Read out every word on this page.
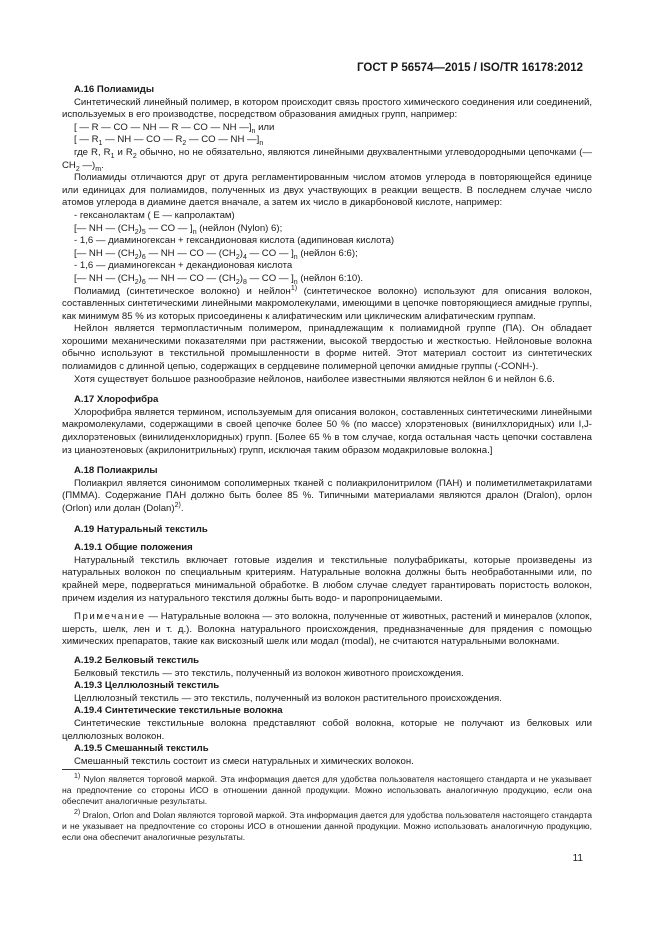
ГОСТ Р 56574—2015 / ISO/TR 16178:2012

А.16 Полиамиды

Синтетический линейный полимер, в котором происходит связь простого химического соединения или соединений, используемых в его производстве, посредством образования амидных групп, например:

[ — R — CO — NH — R — CO — NH $—]_n$ или

[ — $R_1$ — NH — CO — $R_2$ — CO — NH $—]_n$

где R, $R_1$ и $R_2$ обычно, но не обязательно, являются линейными двухвалентными углеводородными цепочками (— $CH_2$ $—)_m$.

Полиамиды отличаются друг от друга регламентированным числом атомов углерода в повторяющейся единице или единицах для полиамидов, полученных из двух участвующих в реакции веществ. В последнем случае число атомов углерода в диамине дается вначале, а затем их число в дикарбоновой кислоте, например:

- гексанолактам ( E — капролактам)

[— NH — $(CH_2)_5$ — CO — ]$_n$ (нейлон (Nylon) 6);

- 1,6 — диаминогексан + гександионовая кислота (адипиновая кислота)

[— NH — $(CH_2)_6$ — NH — CO — $(CH_2)_4$ — CO — ]$_n$ (нейлон 6:6);

- 1,6 — диаминогексан + декандионовая кислота

[— NH — $(CH_2)_6$ — NH — CO — $(CH_2)_8$ — CO — ]$_n$ (нейлон 6:10).

Полиамид (синтетическое волокно) и нейлон$^{1)}$ (синтетическое волокно) используют для описания волокон, составленных синтетическими линейными макромолекулами, имеющими в цепочке повторяющиеся амидные группы, как минимум 85 % из которых присоединены к алифатическим или циклическим алифатическим группам.

Нейлон является термопластичным полимером, принадлежащим к полиамидной группе (ПА). Он обладает хорошими механическими показателями при растяжении, высокой твердостью и жесткостью. Нейлоновые волокна обычно используют в текстильной промышленности в форме нитей. Этот материал состоит из синтетических полиамидов с длинной цепью, содержащих в сердцевине полимерной цепочки амидные группы (-CONH-).

Хотя существует большое разнообразие нейлонов, наиболее известными являются нейлон 6 и нейлон 6.6.

А.17 Хлорофибра

Хлорофибра является термином, используемым для описания волокон, составленных синтетическими линейными макромолекулами, содержащими в своей цепочке более 50 % (по массе) хлорэтеновых (винилхлоридных) или I,J-дихлорэтеновых (винилиденхлоридных) групп. [Более 65 % в том случае, когда остальная часть цепочки составлена из цианоэтеновых (акрилонитрильных) групп, исключая таким образом модакриловые волокна.]

А.18 Полиакрилы

Полиакрил является синонимом сополимерных тканей с полиакрилонитрилом (ПАН) и полиметилметакрилатами (ПММА). Содержание ПАН должно быть более 85 %. Типичными материалами являются дралон (Dralon), орлон (Orlon) или долан (Dolan)$^{2)}$.

А.19 Натуральный текстиль

А.19.1 Общие положения

Натуральный текстиль включает готовые изделия и текстильные полуфабрикаты, которые произведены из натуральных волокон по специальным критериям. Натуральные волокна должны быть необработанными или, по крайней мере, подвергаться минимальной обработке. В любом случае следует гарантировать пористость волокон, причем изделия из натурального текстиля должны быть водо- и паропроницаемыми.

Примечание — Натуральные волокна — это волокна, полученные от животных, растений и минералов (хлопок, шерсть, шелк, лен и т. д.). Волокна натурального происхождения, предназначенные для прядения с помощью химических препаратов, такие как вискозный шелк или модал (modal), не считаются натуральными волокнами.

А.19.2 Белковый текстиль

Белковый текстиль — это текстиль, полученный из волокон животного происхождения.

А.19.3 Целлюлозный текстиль

Целлюлозный текстиль — это текстиль, полученный из волокон растительного происхождения.

А.19.4 Синтетические текстильные волокна

Синтетические текстильные волокна представляют собой волокна, которые не получают из белковых или целлюлозных волокон.

А.19.5 Смешанный текстиль

Смешанный текстиль состоит из смеси натуральных и химических волокон.

$^{1)}$ Nylon является торговой маркой. Эта информация дается для удобства пользователя настоящего стандарта и не указывает на предпочтение со стороны ИСО в отношении данной продукции. Можно использовать аналогичную продукцию, если она обеспечит аналогичные результаты.

$^{2)}$ Dralon, Orlon and Dolan являются торговой маркой. Эта информация дается для удобства пользователя настоящего стандарта и не указывает на предпочтение со стороны ИСО в отношении данной продукции. Можно использовать аналогичную продукцию, если она обеспечит аналогичные результаты.

11
